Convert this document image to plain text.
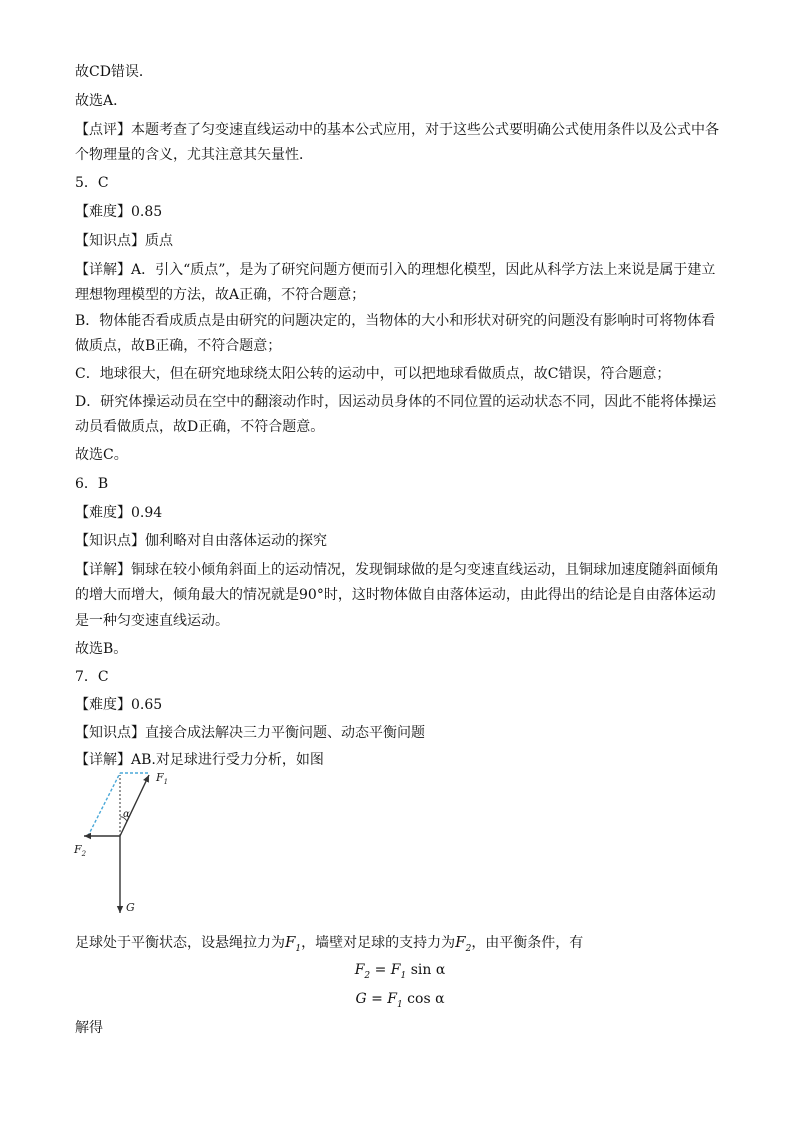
故CD错误．
故选A．
【点评】本题考查了匀变速直线运动中的基本公式应用，对于这些公式要明确公式使用条件以及公式中各
个物理量的含义，尤其注意其矢量性．
5．C
【难度】0.85
【知识点】质点
【详解】A．引入“质点”，是为了研究问题方便而引入的理想化模型，因此从科学方法上来说是属于建立
理想物理模型的方法，故A正确，不符合题意；
B．物体能否看成质点是由研究的问题决定的，当物体的大小和形状对研究的问题没有影响时可将物体看
做质点，故B正确，不符合题意；
C．地球很大，但在研究地球绕太阳公转的运动中，可以把地球看做质点，故C错误，符合题意；
D．研究体操运动员在空中的翻滚动作时，因运动员身体的不同位置的运动状态不同，因此不能将体操运
动员看做质点，故D正确，不符合题意。
故选C。
6．B
【难度】0.94
【知识点】伽利略对自由落体运动的探究
【详解】铜球在较小倾角斜面上的运动情况，发现铜球做的是匀变速直线运动，且铜球加速度随斜面倾角
的增大而增大，倾角最大的情况就是90°时，这时物体做自由落体运动，由此得出的结论是自由落体运动
是一种匀变速直线运动。
故选B。
7．C
【难度】0.65
【知识点】直接合成法解决三力平衡问题、动态平衡问题
【详解】AB.对足球进行受力分析，如图
$F_1$
α
$F_2$
G
足球处于平衡状态，设悬绳拉力为$F_1$，墙壁对足球的支持力为$F_2$，由平衡条件，有
$F_2 = F_1$ sin α
$G = F_1$ cos α
解得
